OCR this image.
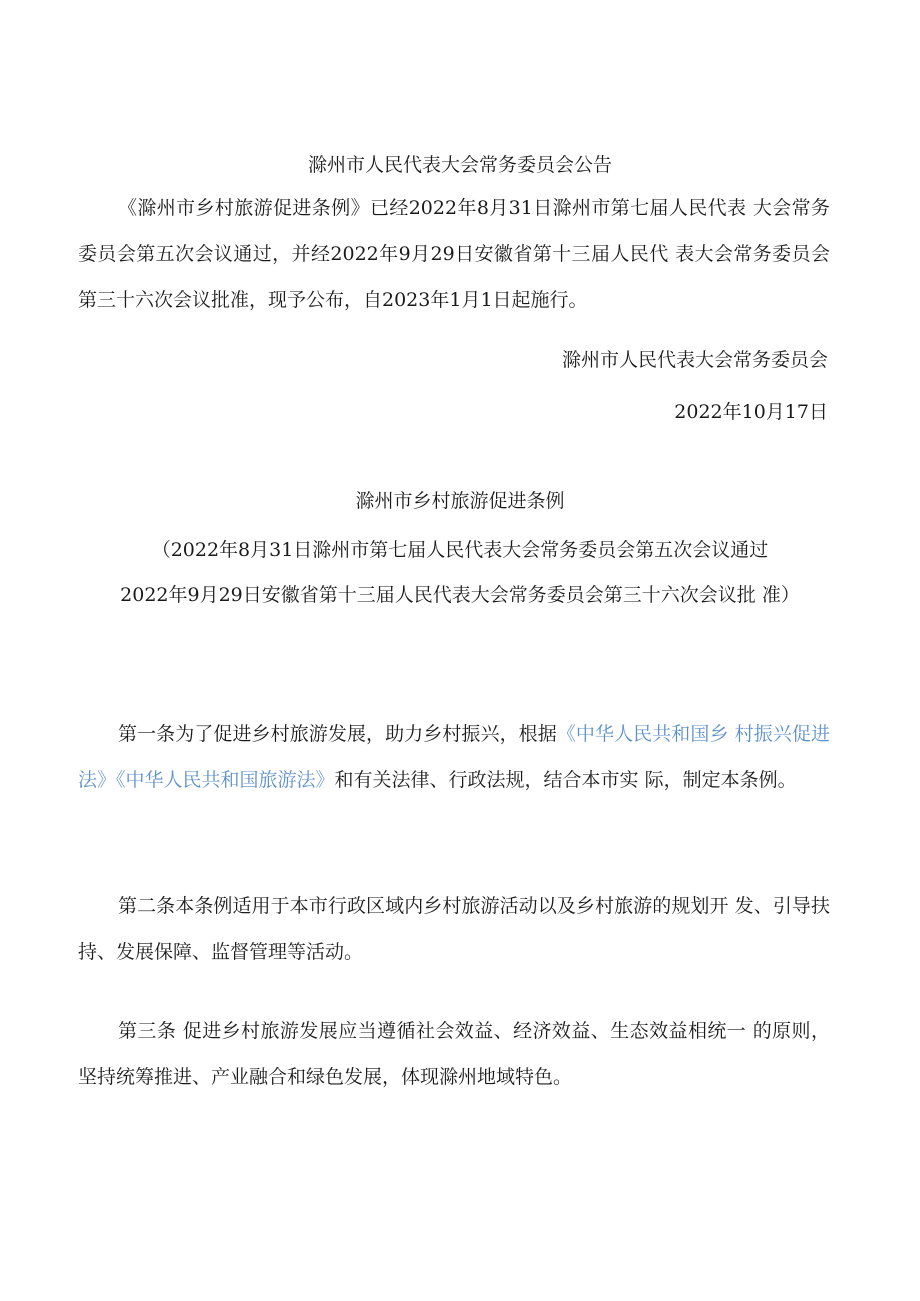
滁州市人民代表大会常务委员会公告
《滁州市乡村旅游促进条例》已经2022年8月31日滁州市第七届人民代表 大会常务委员会第五次会议通过，并经2022年9月29日安徽省第十三届人民代 表大会常务委员会第三十六次会议批准，现予公布，自2023年1月1日起施行。
滁州市人民代表大会常务委员会
2022年10月17日
滁州市乡村旅游促进条例
（2022年8月31日滁州市第七届人民代表大会常务委员会第五次会议通过
2022年9月29日安徽省第十三届人民代表大会常务委员会第三十六次会议批 准）
第一条为了促进乡村旅游发展，助力乡村振兴，根据《中华人民共和国乡 村振兴促进法》《中华人民共和国旅游法》和有关法律、行政法规，结合本市实 际，制定本条例。
第二条本条例适用于本市行政区域内乡村旅游活动以及乡村旅游的规划开 发、引导扶持、发展保障、监督管理等活动。
第三条 促进乡村旅游发展应当遵循社会效益、经济效益、生态效益相统一 的原则，坚持统筹推进、产业融合和绿色发展，体现滁州地域特色。
